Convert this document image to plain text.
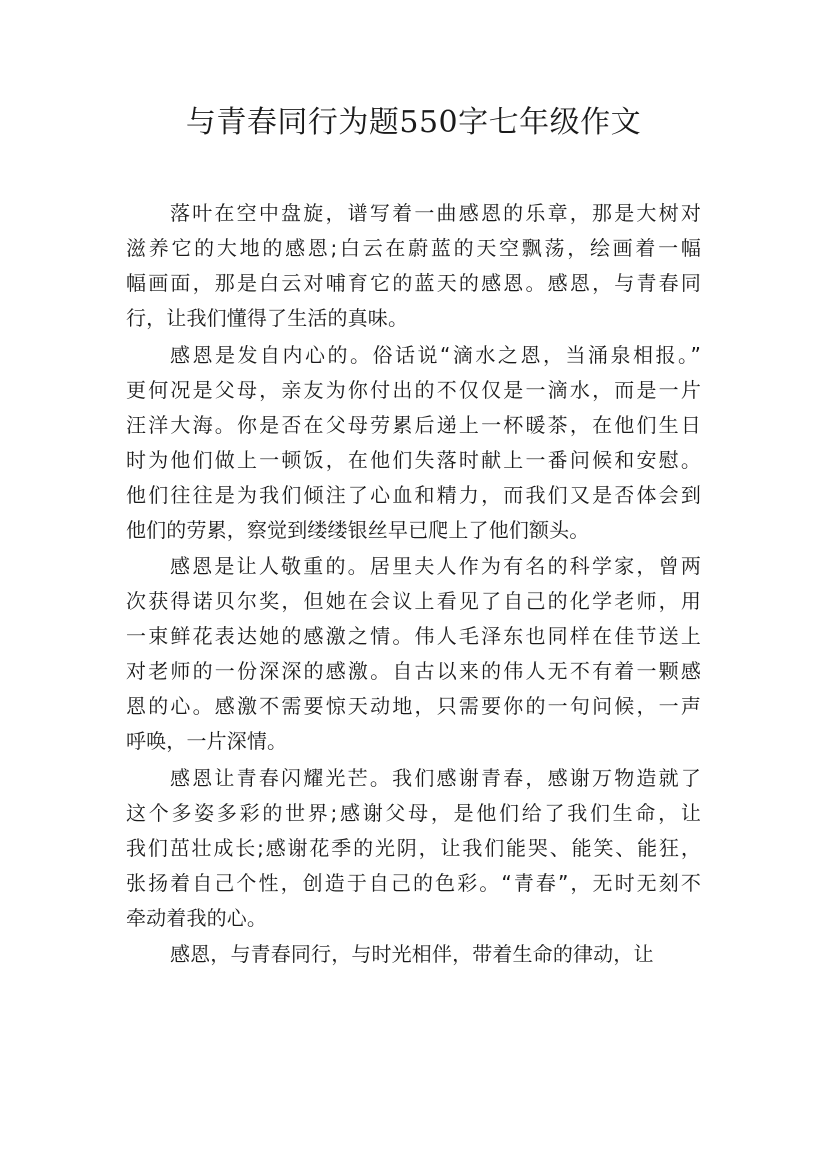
与青春同行为题550字七年级作文
落叶在空中盘旋，谱写着一曲感恩的乐章，那是大树对
滋养它的大地的感恩;白云在蔚蓝的天空飘荡，绘画着一幅
幅画面，那是白云对哺育它的蓝天的感恩。感恩，与青春同
行，让我们懂得了生活的真味。
感恩是发自内心的。俗话说“滴水之恩，当涌泉相报。”
更何况是父母，亲友为你付出的不仅仅是一滴水，而是一片
汪洋大海。你是否在父母劳累后递上一杯暖茶，在他们生日
时为他们做上一顿饭，在他们失落时献上一番问候和安慰。
他们往往是为我们倾注了心血和精力，而我们又是否体会到
他们的劳累，察觉到缕缕银丝早已爬上了他们额头。
感恩是让人敬重的。居里夫人作为有名的科学家，曾两
次获得诺贝尔奖，但她在会议上看见了自己的化学老师，用
一束鲜花表达她的感激之情。伟人毛泽东也同样在佳节送上
对老师的一份深深的感激。自古以来的伟人无不有着一颗感
恩的心。感激不需要惊天动地，只需要你的一句问候，一声
呼唤，一片深情。
感恩让青春闪耀光芒。我们感谢青春，感谢万物造就了
这个多姿多彩的世界;感谢父母，是他们给了我们生命，让
我们茁壮成长;感谢花季的光阴，让我们能哭、能笑、能狂，
张扬着自己个性，创造于自己的色彩。“青春”，无时无刻不
牵动着我的心。
感恩，与青春同行，与时光相伴，带着生命的律动，让
